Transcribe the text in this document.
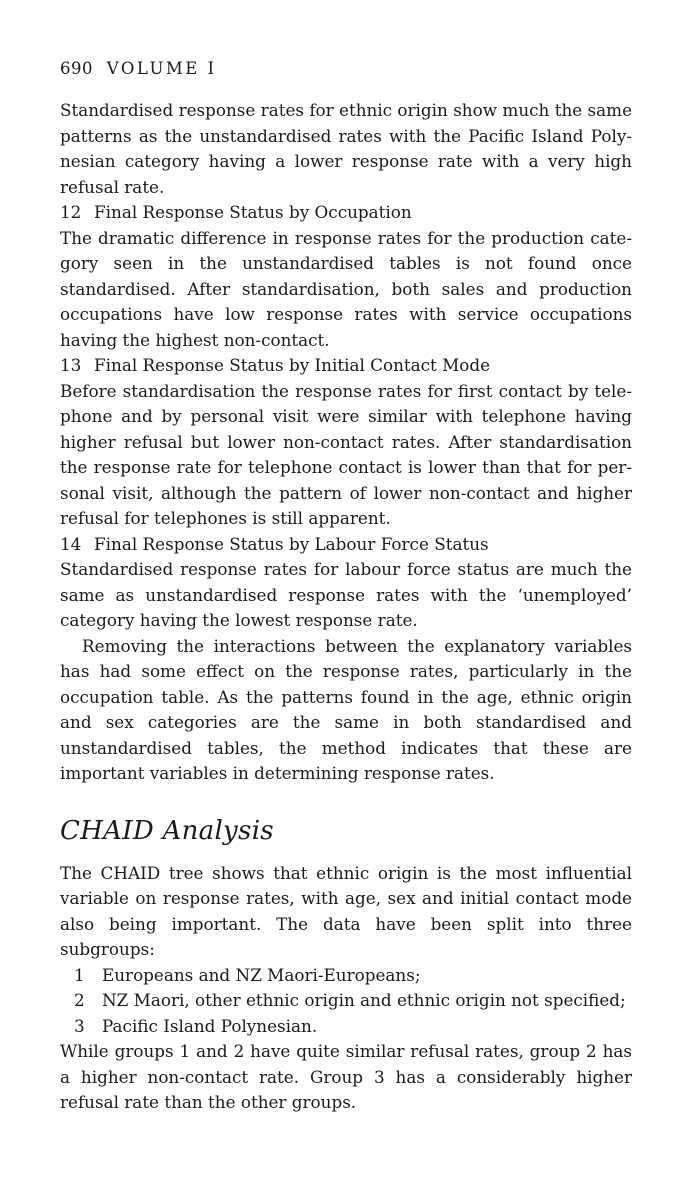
690 VOLUME I

Standardised response rates for ethnic origin show much the same patterns as the unstandardised rates with the Pacific Island Polynesian category having a lower response rate with a very high refusal rate.

12 Final Response Status by Occupation

The dramatic difference in response rates for the production category seen in the unstandardised tables is not found once standardised. After standardisation, both sales and production occupations have low response rates with service occupations having the highest non-contact.

13 Final Response Status by Initial Contact Mode

Before standardisation the response rates for first contact by telephone and by personal visit were similar with telephone having higher refusal but lower non-contact rates. After standardisation the response rate for telephone contact is lower than that for personal visit, although the pattern of lower non-contact and higher refusal for telephones is still apparent.

14 Final Response Status by Labour Force Status

Standardised response rates for labour force status are much the same as unstandardised response rates with the ‘unemployed’ category having the lowest response rate.

Removing the interactions between the explanatory variables has had some effect on the response rates, particularly in the occupation table. As the patterns found in the age, ethnic origin and sex categories are the same in both standardised and unstandardised tables, the method indicates that these are important variables in determining response rates.

CHAID Analysis

The CHAID tree shows that ethnic origin is the most influential variable on response rates, with age, sex and initial contact mode also being important. The data have been split into three subgroups:

1	Europeans and NZ Maori-Europeans;
2	NZ Maori, other ethnic origin and ethnic origin not specified;
3	Pacific Island Polynesian.

While groups 1 and 2 have quite similar refusal rates, group 2 has a higher non-contact rate. Group 3 has a considerably higher refusal rate than the other groups.
